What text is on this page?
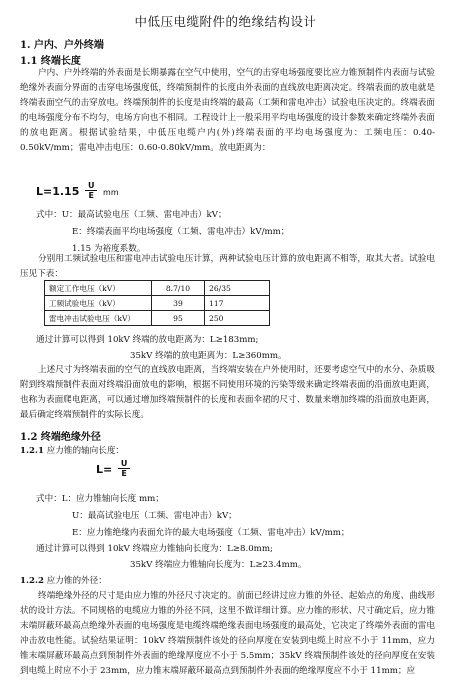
中低压电缆附件的绝缘结构设计
1. 户内、户外终端
1.1 终端长度
户内、户外终端的外表面是长期暴露在空气中使用，空气的击穿电场强度要比应力锥预制件内表面与试验绝缘外表面分界面的击穿电场强度低，终端预制件的长度由外表面的直线放电距离决定。终端表面的放电就是终端表面空气的击穿放电。终端预制件的长度是由终端的最高（工频和雷电冲击）试验电压决定的。终端表面的电场强度分布不均匀，电场方向也不相同。工程设计上一般采用平均电场强度的设计参数来确定终端外表面的放电距离。根据试验结果，中低压电缆户内(外)终端表面的平均电场强度为：工频电压：0.40-0.50kV/mm；雷电冲击电压：0.60-0.80kV/mm。放电距离为：
$L=1.15 \frac{U}{E}$ mm
式中：U：最高试验电压（工频、雷电冲击）kV；
E：终端表面平均电场强度（工频、雷电冲击）kV/mm；
1.15 为裕度系数。
分别用工频试验电压和雷电冲击试验电压计算，两种试验电压计算的放电距离不相等，取其大者。试验电压见下表：
额定工作电压（kV）	8.7/10	26/35
工频试验电压（kV）	39	117
雷电冲击试验电压（kV）	95	250
通过计算可以得到 10kV 终端的放电距离为：L≥183mm;
35kV 终端的放电距离为：L≥360mm。
上述尺寸为终端表面的空气的直线放电距离，当终端安装在户外使用时，还要考虑空气中的水分、杂质吸附到终端预制件表面对终端沿面放电的影响，根据不同使用环境的污染等级来确定终端表面的沿面放电距离，也称为表面爬电距离，可以通过增加终端预制件的长度和表面伞裙的尺寸、数量来增加终端的沿面放电距离，最后确定终端预制件的实际长度。
1.2 终端绝缘外径
1.2.1 应力锥的轴向长度：
$L= \frac{U}{E}$
式中：L：应力锥轴向长度 mm；
U：最高试验电压（工频、雷电冲击）kV；
E：应力锥绝缘内表面允许的最大电场强度（工频、雷电冲击）kV/mm；
通过计算可以得到 10kV 终端应力锥轴向长度为：L≥8.0mm;
35kV 终端应力锥轴向长度为：L≥23.4mm。
1.2.2 应力锥的外径：
终端绝缘外径的尺寸是由应力锥的外径尺寸决定的。前面已经讲过应力锥的外径、起始点的角度、曲线形状的设计方法。不同规格的电缆应力锥的外径不同，这里不做详细计算。应力锥的形状、尺寸确定后，应力锥末端屏蔽环最高点绝缘外表面的电场强度是电缆终端绝缘表面电场强度的最高处，它决定了终端外表面的雷电冲击放电性能。试验结果证明：10kV 终端预制件该处的径向厚度在安装到电缆上时应不小于 11mm，应力锥末端屏蔽环最高点到预制件外表面的绝缘厚度应不小于 5.5mm；35kV 终端预制件该处的径向厚度在安装到电缆上时应不小于 23mm，应力锥末端屏蔽环最高点到预制件外表面的绝缘厚度应不小于 11mm；应
